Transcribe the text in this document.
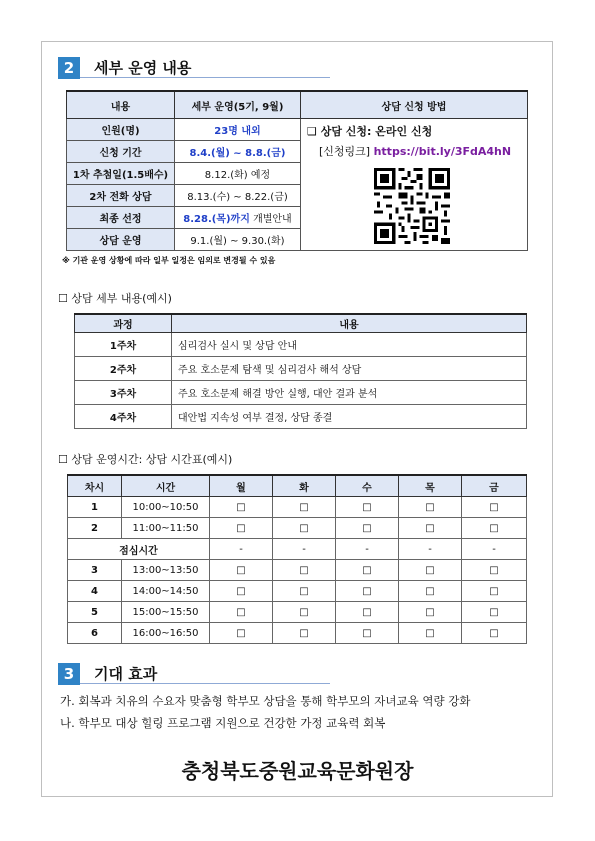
2	세부 운영 내용
내용	세부 운영(5기, 9월)	상담 신청 방법
인원(명)	23명 내외	❑ 상담 신청: 온라인 신청
[신청링크] https://bit.ly/3FdA4hN

신청 기간	8.4.(월) ~ 8.8.(금)	
1차 추첨일(1.5배수)	8.12.(화) 예정	
2차 전화 상담	8.13.(수) ~ 8.22.(금)	
최종 선정	8.28.(목)까지 개별안내	
상담 운영	9.1.(월) ~ 9.30.(화)	
※ 기관 운영 상황에 따라 일부 일정은 임의로 변경될 수 있음
☐ 상담 세부 내용(예시)
과정	내용
1주차	심리검사 실시 및 상담 안내
2주차	주요 호소문제 탐색 및 심리검사 해석 상담
3주차	주요 호소문제 해결 방안 실행, 대안 결과 분석
4주차	대안법 지속성 여부 결정, 상담 종결
☐ 상담 운영시간: 상담 시간표(예시)
차시	시간	월	화	수	목	금
1	10:00~10:50	□	□	□	□	□
2	11:00~11:50	□	□	□	□	□
점심시간		-	-	-	-	-
3	13:00~13:50	□	□	□	□	□
4	14:00~14:50	□	□	□	□	□
5	15:00~15:50	□	□	□	□	□
6	16:00~16:50	□	□	□	□	□
3	기대 효과
가. 회복과 치유의 수요자 맞춤형 학부모 상담을 통해 학부모의 자녀교육 역량 강화
나. 학부모 대상 힐링 프로그램 지원으로 건강한 가정 교육력 회복
충청북도중원교육문화원장
